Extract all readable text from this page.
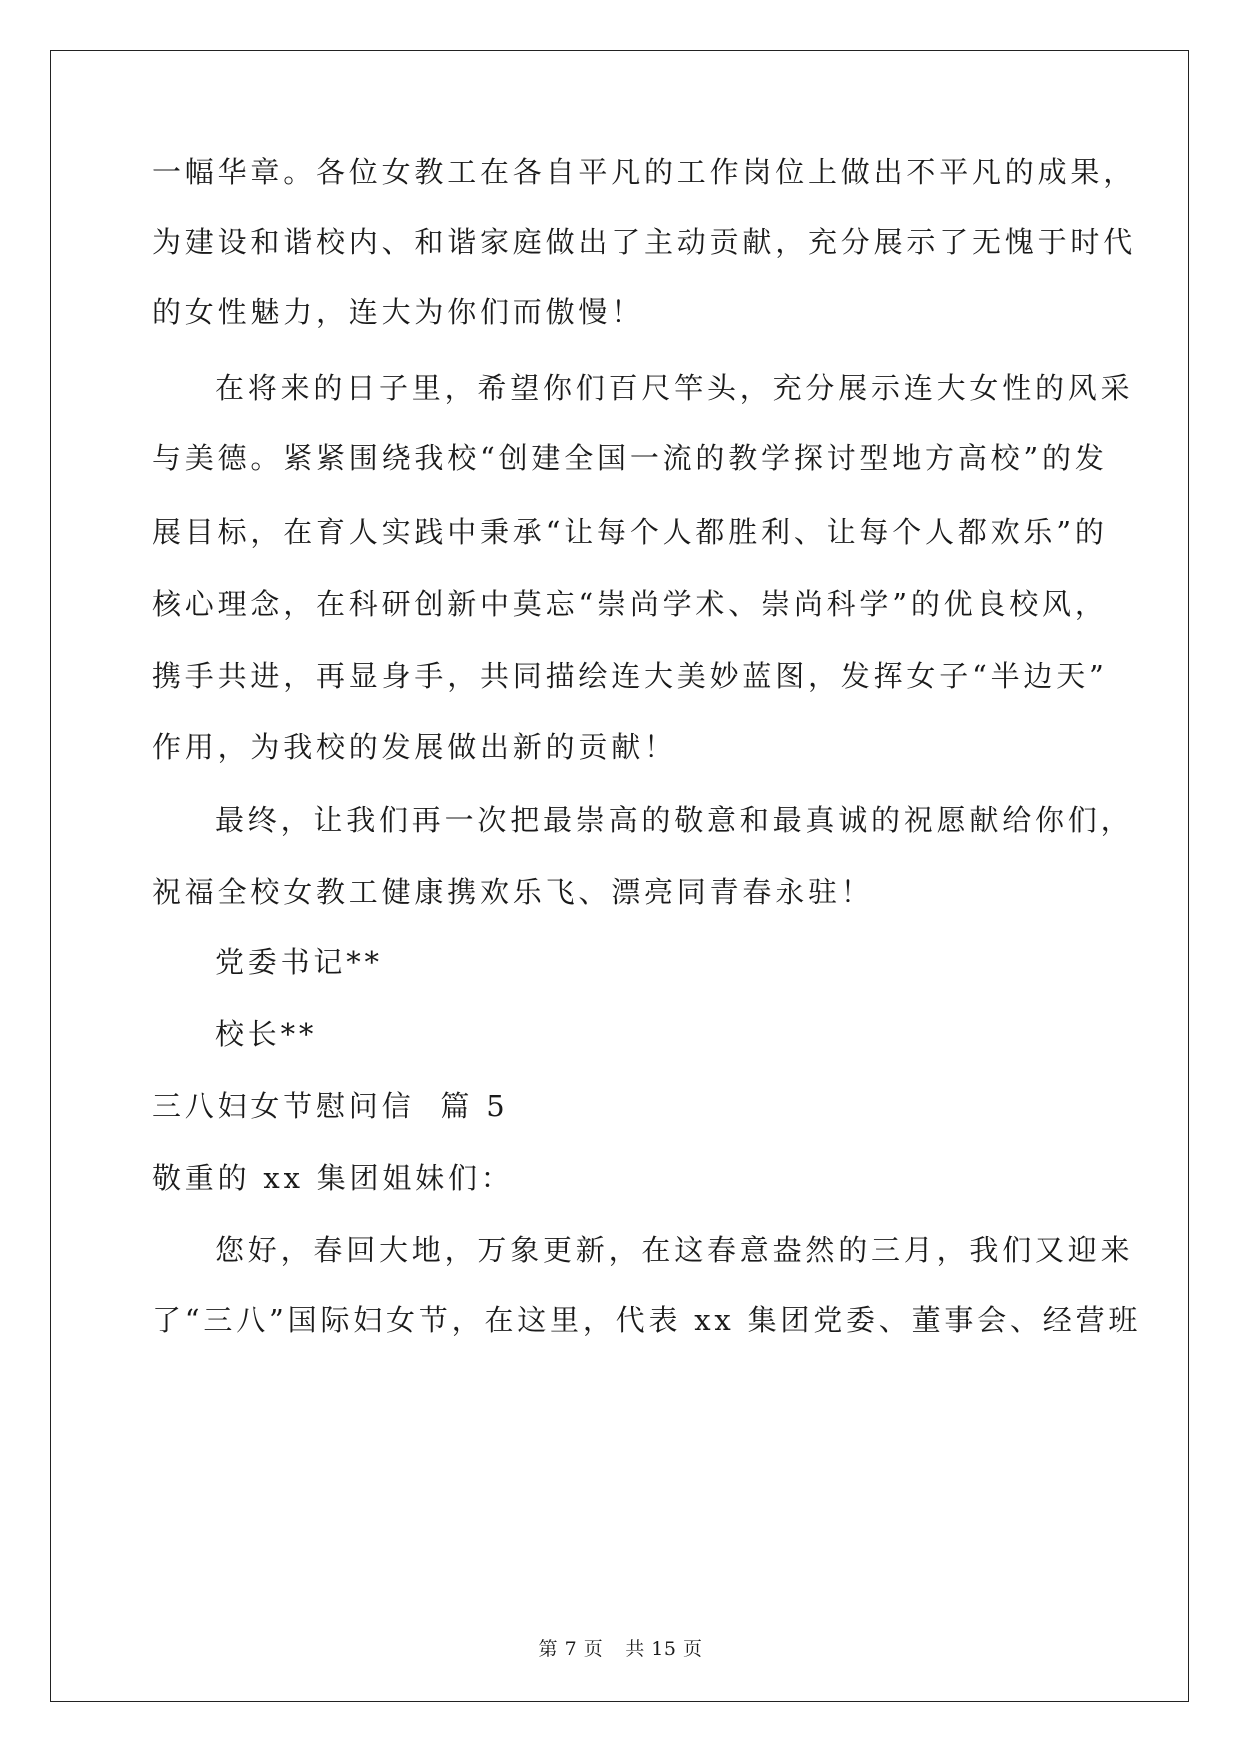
一幅华章。各位女教工在各自平凡的工作岗位上做出不平凡的成果，
为建设和谐校内、和谐家庭做出了主动贡献，充分展示了无愧于时代
的女性魅力，连大为你们而傲慢！
在将来的日子里，希望你们百尺竿头，充分展示连大女性的风采
与美德。紧紧围绕我校“创建全国一流的教学探讨型地方高校”的发
展目标，在育人实践中秉承“让每个人都胜利、让每个人都欢乐”的
核心理念，在科研创新中莫忘“崇尚学术、崇尚科学”的优良校风，
携手共进，再显身手，共同描绘连大美妙蓝图，发挥女子“半边天”
作用，为我校的发展做出新的贡献！
最终，让我们再一次把最崇高的敬意和最真诚的祝愿献给你们，
祝福全校女教工健康携欢乐飞、漂亮同青春永驻！
党委书记**
校长**
三八妇女节慰问信  篇 5
敬重的 xx 集团姐妹们：
您好，春回大地，万象更新，在这春意盎然的三月，我们又迎来
了“三八”国际妇女节，在这里，代表 xx 集团党委、董事会、经营班
第 7 页 共 15 页
